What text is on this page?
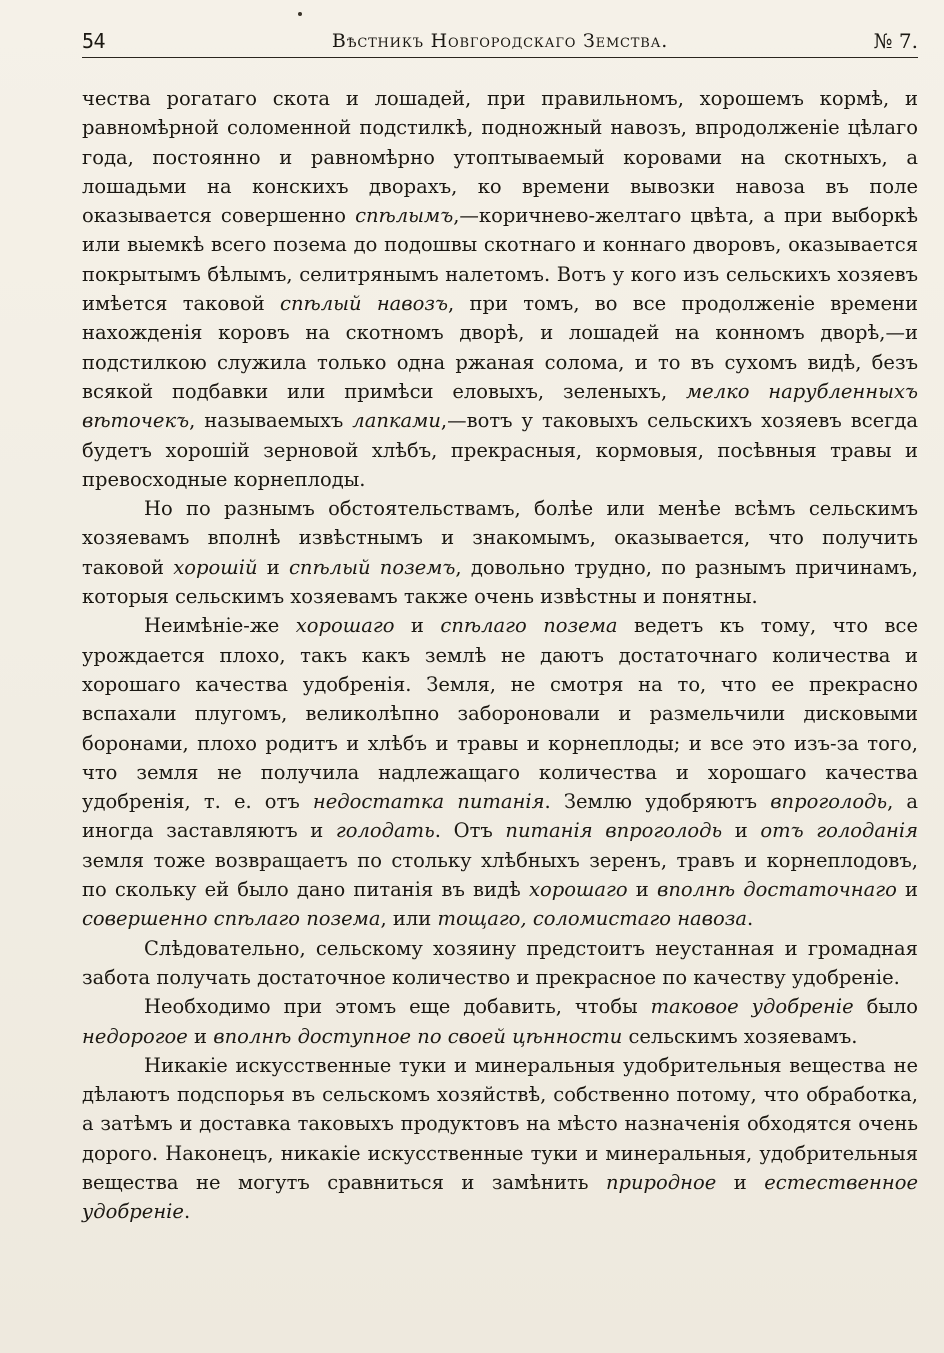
54	Вѣстникъ Новгородскаго Земства.	№ 7.

чества рогатаго скота и лошадей, при правильномъ, хорошемъ кормѣ, и равномѣрной соломенной подстилкѣ, подножный навозъ, впродолженіе цѣлаго года, постоянно и равномѣрно утоптываемый коровами на скотныхъ, а лошадьми на конскихъ дворахъ, ко времени вывозки навоза въ поле оказывается совершенно спѣлымъ,—коричнево-желтаго цвѣта, а при выборкѣ или выемкѣ всего позема до подошвы скотнаго и коннаго дворовъ, оказывается покрытымъ бѣлымъ, селитрянымъ налетомъ. Вотъ у кого изъ сельскихъ хозяевъ имѣется таковой спѣлый навозъ, при томъ, во все продолженіе времени нахожденія коровъ на скотномъ дворѣ, и лошадей на конномъ дворѣ,—и подстилкою служила только одна ржаная солома, и то въ сухомъ видѣ, безъ всякой подбавки или примѣси еловыхъ, зеленыхъ, мелко нарубленныхъ вѣточекъ, называемыхъ лапками,—вотъ у таковыхъ сельскихъ хозяевъ всегда будетъ хорошій зерновой хлѣбъ, прекрасныя, кормовыя, посѣвныя травы и превосходные корнеплоды.

Но по разнымъ обстоятельствамъ, болѣе или менѣе всѣмъ сельскимъ хозяевамъ вполнѣ извѣстнымъ и знакомымъ, оказывается, что получить таковой хорошій и спѣлый поземъ, довольно трудно, по разнымъ причинамъ, которыя сельскимъ хозяевамъ также очень извѣстны и понятны.

Неимѣніе-же хорошаго и спѣлаго позема ведетъ къ тому, что все урождается плохо, такъ какъ землѣ не даютъ достаточнаго количества и хорошаго качества удобренія. Земля, не смотря на то, что ее прекрасно вспахали плугомъ, великолѣпно заборонoвали и размельчили дисковыми боронами, плохо родитъ и хлѣбъ и травы и корнеплоды; и все это изъ-за того, что земля не получила надлежащаго количества и хорошаго качества удобренія, т. е. отъ недостатка питанія. Землю удобряютъ впроголодь, а иногда заставляютъ и голодать. Отъ питанія впроголодь и отъ голоданія земля тоже возвращаетъ по стольку хлѣбныхъ зеренъ, травъ и корнеплодовъ, по скольку ей было дано питанія въ видѣ хорошаго и вполнѣ достаточнаго и совершенно спѣлаго позема, или тощаго, соломистаго навоза.

Слѣдовательно, сельскому хозяину предстоитъ неустанная и громадная забота получать достаточное количество и прекрасное по качеству удобреніе.

Необходимо при этомъ еще добавить, чтобы таковое удобреніе было недорогое и вполнѣ доступное по своей цѣнности сельскимъ хозяевамъ.

Никакіе искусственные туки и минеральныя удобрительныя вещества не дѣлаютъ подспорья въ сельскомъ хозяйствѣ, собственно потому, что обработка, а затѣмъ и доставка таковыхъ продуктовъ на мѣсто назначенія обходятся очень дорого. Наконецъ, никакіе искусственные туки и минеральныя, удобрительныя вещества не могутъ сравниться и замѣнить природное и естественное удобреніе.
